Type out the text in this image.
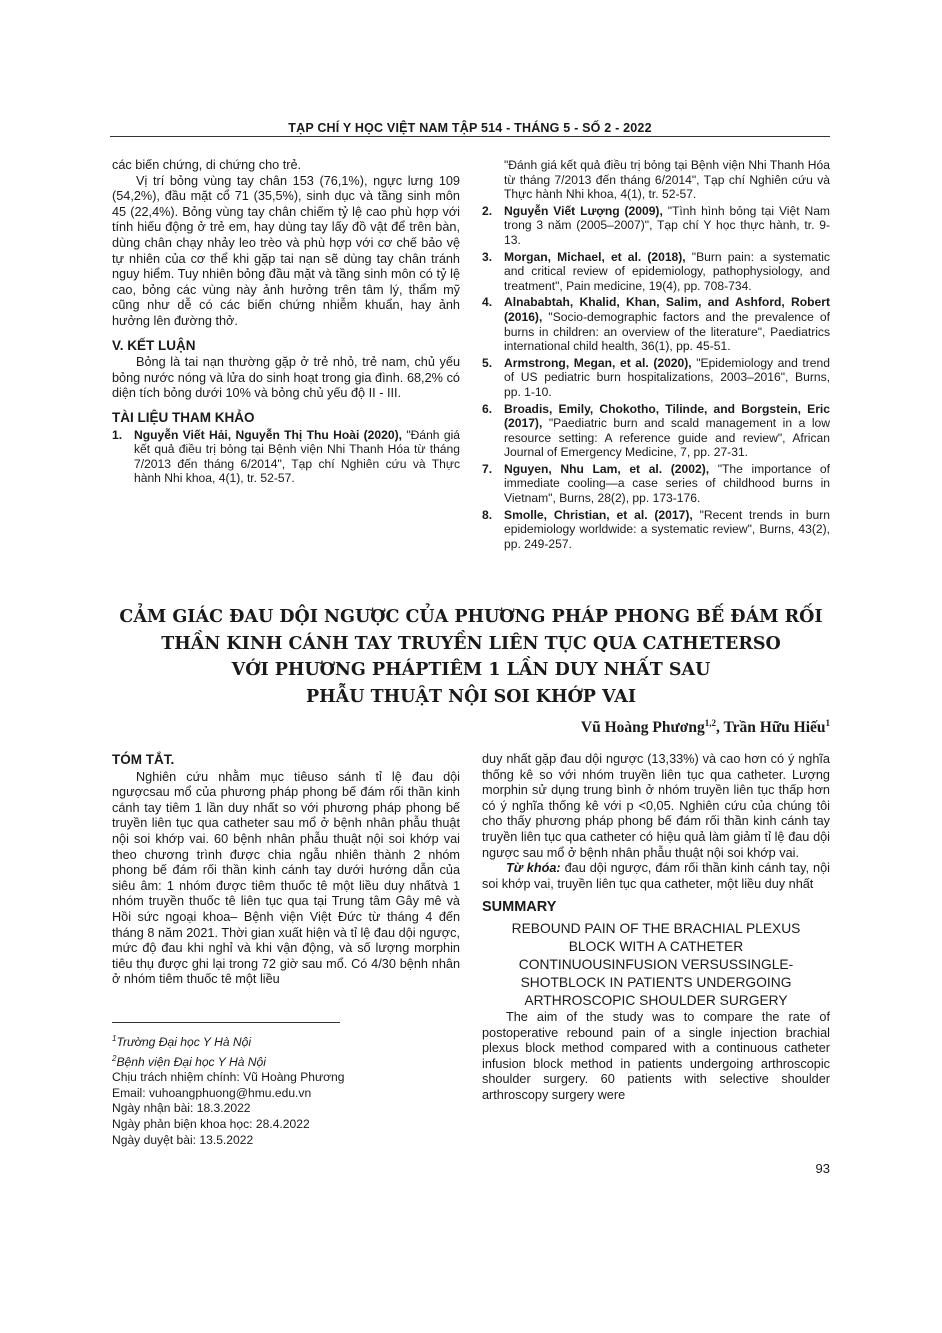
TẠP CHÍ Y HỌC VIỆT NAM TẬP 514 - THÁNG 5 - SỐ 2 - 2022

các biến chứng, di chứng cho trẻ.

Vị trí bỏng vùng tay chân 153 (76,1%), ngực lưng 109 (54,2%), đầu mặt cổ 71 (35,5%), sinh dục và tầng sinh môn 45 (22,4%). Bỏng vùng tay chân chiếm tỷ lệ cao phù hợp với tính hiếu động ở trẻ em, hay dùng tay lấy đồ vật để trên bàn, dùng chân chạy nhảy leo trèo và phù hợp với cơ chế bảo vệ tự nhiên của cơ thể khi gặp tai nạn sẽ dùng tay chân tránh nguy hiểm. Tuy nhiên bỏng đầu mặt và tầng sinh môn có tỷ lệ cao, bỏng các vùng này ảnh hưởng trên tâm lý, thẩm mỹ cũng như dễ có các biến chứng nhiễm khuẩn, hay ảnh hưởng lên đường thở.

V. KẾT LUẬN

Bỏng là tai nạn thường gặp ở trẻ nhỏ, trẻ nam, chủ yếu bỏng nước nóng và lửa do sinh hoạt trong gia đình. 68,2% có diện tích bỏng dưới 10% và bỏng chủ yếu độ II - III.

TÀI LIỆU THAM KHẢO
1. Nguyễn Viết Hải, Nguyễn Thị Thu Hoài (2020), "Đánh giá kết quả điều trị bỏng tại Bệnh viện Nhi Thanh Hóa từ tháng 7/2013 đến tháng 6/2014", Tạp chí Nghiên cứu và Thực hành Nhi khoa, 4(1), tr. 52-57.
"Đánh giá kết quả điều trị bỏng tại Bệnh viện Nhi Thanh Hóa từ tháng 7/2013 đến tháng 6/2014", Tạp chí Nghiên cứu và Thực hành Nhi khoa, 4(1), tr. 52-57.
2. Nguyễn Viết Lượng (2009), "Tình hình bỏng tại Việt Nam trong 3 năm (2005–2007)", Tạp chí Y học thực hành, tr. 9-13.
3. Morgan, Michael, et al. (2018), "Burn pain: a systematic and critical review of epidemiology, pathophysiology, and treatment", Pain medicine, 19(4), pp. 708-734.
4. Alnababtah, Khalid, Khan, Salim, and Ashford, Robert (2016), "Socio-demographic factors and the prevalence of burns in children: an overview of the literature", Paediatrics international child health, 36(1), pp. 45-51.
5. Armstrong, Megan, et al. (2020), "Epidemiology and trend of US pediatric burn hospitalizations, 2003–2016", Burns, pp. 1-10.
6. Broadis, Emily, Chokotho, Tilinde, and Borgstein, Eric (2017), "Paediatric burn and scald management in a low resource setting: A reference guide and review", African Journal of Emergency Medicine, 7, pp. 27-31.
7. Nguyen, Nhu Lam, et al. (2002), "The importance of immediate cooling—a case series of childhood burns in Vietnam", Burns, 28(2), pp. 173-176.
8. Smolle, Christian, et al. (2017), "Recent trends in burn epidemiology worldwide: a systematic review", Burns, 43(2), pp. 249-257.
CẢM GIÁC ĐAU DỘI NGƯỢC CỦA PHƯƠNG PHÁP PHONG BẾ ĐÁM RỐI
THẦN KINH CÁNH TAY TRUYỀN LIÊN TỤC QUA CATHETERSO
VỚI PHƯƠNG PHÁPTIÊM 1 LẦN DUY NHẤT SAU
PHẪU THUẬT NỘI SOI KHỚP VAI
Vũ Hoàng Phương$^{1,2}$, Trần Hữu Hiếu$^1$
TÓM TẮT.

Nghiên cứu nhằm mục tiêuso sánh tỉ lệ đau dội ngượcsau mổ của phương pháp phong bế đám rối thần kinh cánh tay tiêm 1 lần duy nhất so với phương pháp phong bế truyền liên tục qua catheter sau mổ ở bệnh nhân phẫu thuật nội soi khớp vai. 60 bệnh nhân phẫu thuật nội soi khớp vai theo chương trình được chia ngẫu nhiên thành 2 nhóm phong bế đám rối thần kinh cánh tay dưới hướng dẫn của siêu âm: 1 nhóm được tiêm thuốc tê một liều duy nhấtvà 1 nhóm truyền thuốc tê liên tục qua tại Trung tâm Gây mê và Hồi sức ngoại khoa– Bệnh viện Việt Đức từ tháng 4 đến tháng 8 năm 2021. Thời gian xuất hiện và tỉ lệ đau dội ngược, mức độ đau khi nghỉ và khi vận động, và số lượng morphin tiêu thụ được ghi lại trong 72 giờ sau mổ. Có 4/30 bệnh nhân ở nhóm tiêm thuốc tê một liều

$^1$Trường Đại học Y Hà Nội

$^2$Bệnh viện Đại học Y Hà Nội

Chịu trách nhiệm chính: Vũ Hoàng Phương

Email: vuhoangphuong@hmu.edu.vn

Ngày nhận bài: 18.3.2022

Ngày phản biện khoa học: 28.4.2022

Ngày duyệt bài: 13.5.2022

duy nhất gặp đau dội ngược (13,33%) và cao hơn có ý nghĩa thống kê so với nhóm truyền liên tục qua catheter. Lượng morphin sử dụng trung bình ở nhóm truyền liên tục thấp hơn có ý nghĩa thống kê với p <0,05. Nghiên cứu của chúng tôi cho thấy phương pháp phong bế đám rối thần kinh cánh tay truyền liên tục qua catheter có hiệu quả làm giảm tỉ lệ đau dội ngược sau mổ ở bệnh nhân phẫu thuật nội soi khớp vai.

Từ khóa: đau dội ngược, đám rối thần kinh cánh tay, nội soi khớp vai, truyền liên tục qua catheter, một liều duy nhất

SUMMARY
REBOUND PAIN OF THE BRACHIAL PLEXUS
BLOCK WITH A CATHETER
CONTINUOUSINFUSION VERSUSSINGLE-
SHOTBLOCK IN PATIENTS UNDERGOING
ARTHROSCOPIC SHOULDER SURGERY

The aim of the study was to compare the rate of postoperative rebound pain of a single injection brachial plexus block method compared with a continuous catheter infusion block method in patients undergoing arthroscopic shoulder surgery. 60 patients with selective shoulder arthroscopy surgery were

93
